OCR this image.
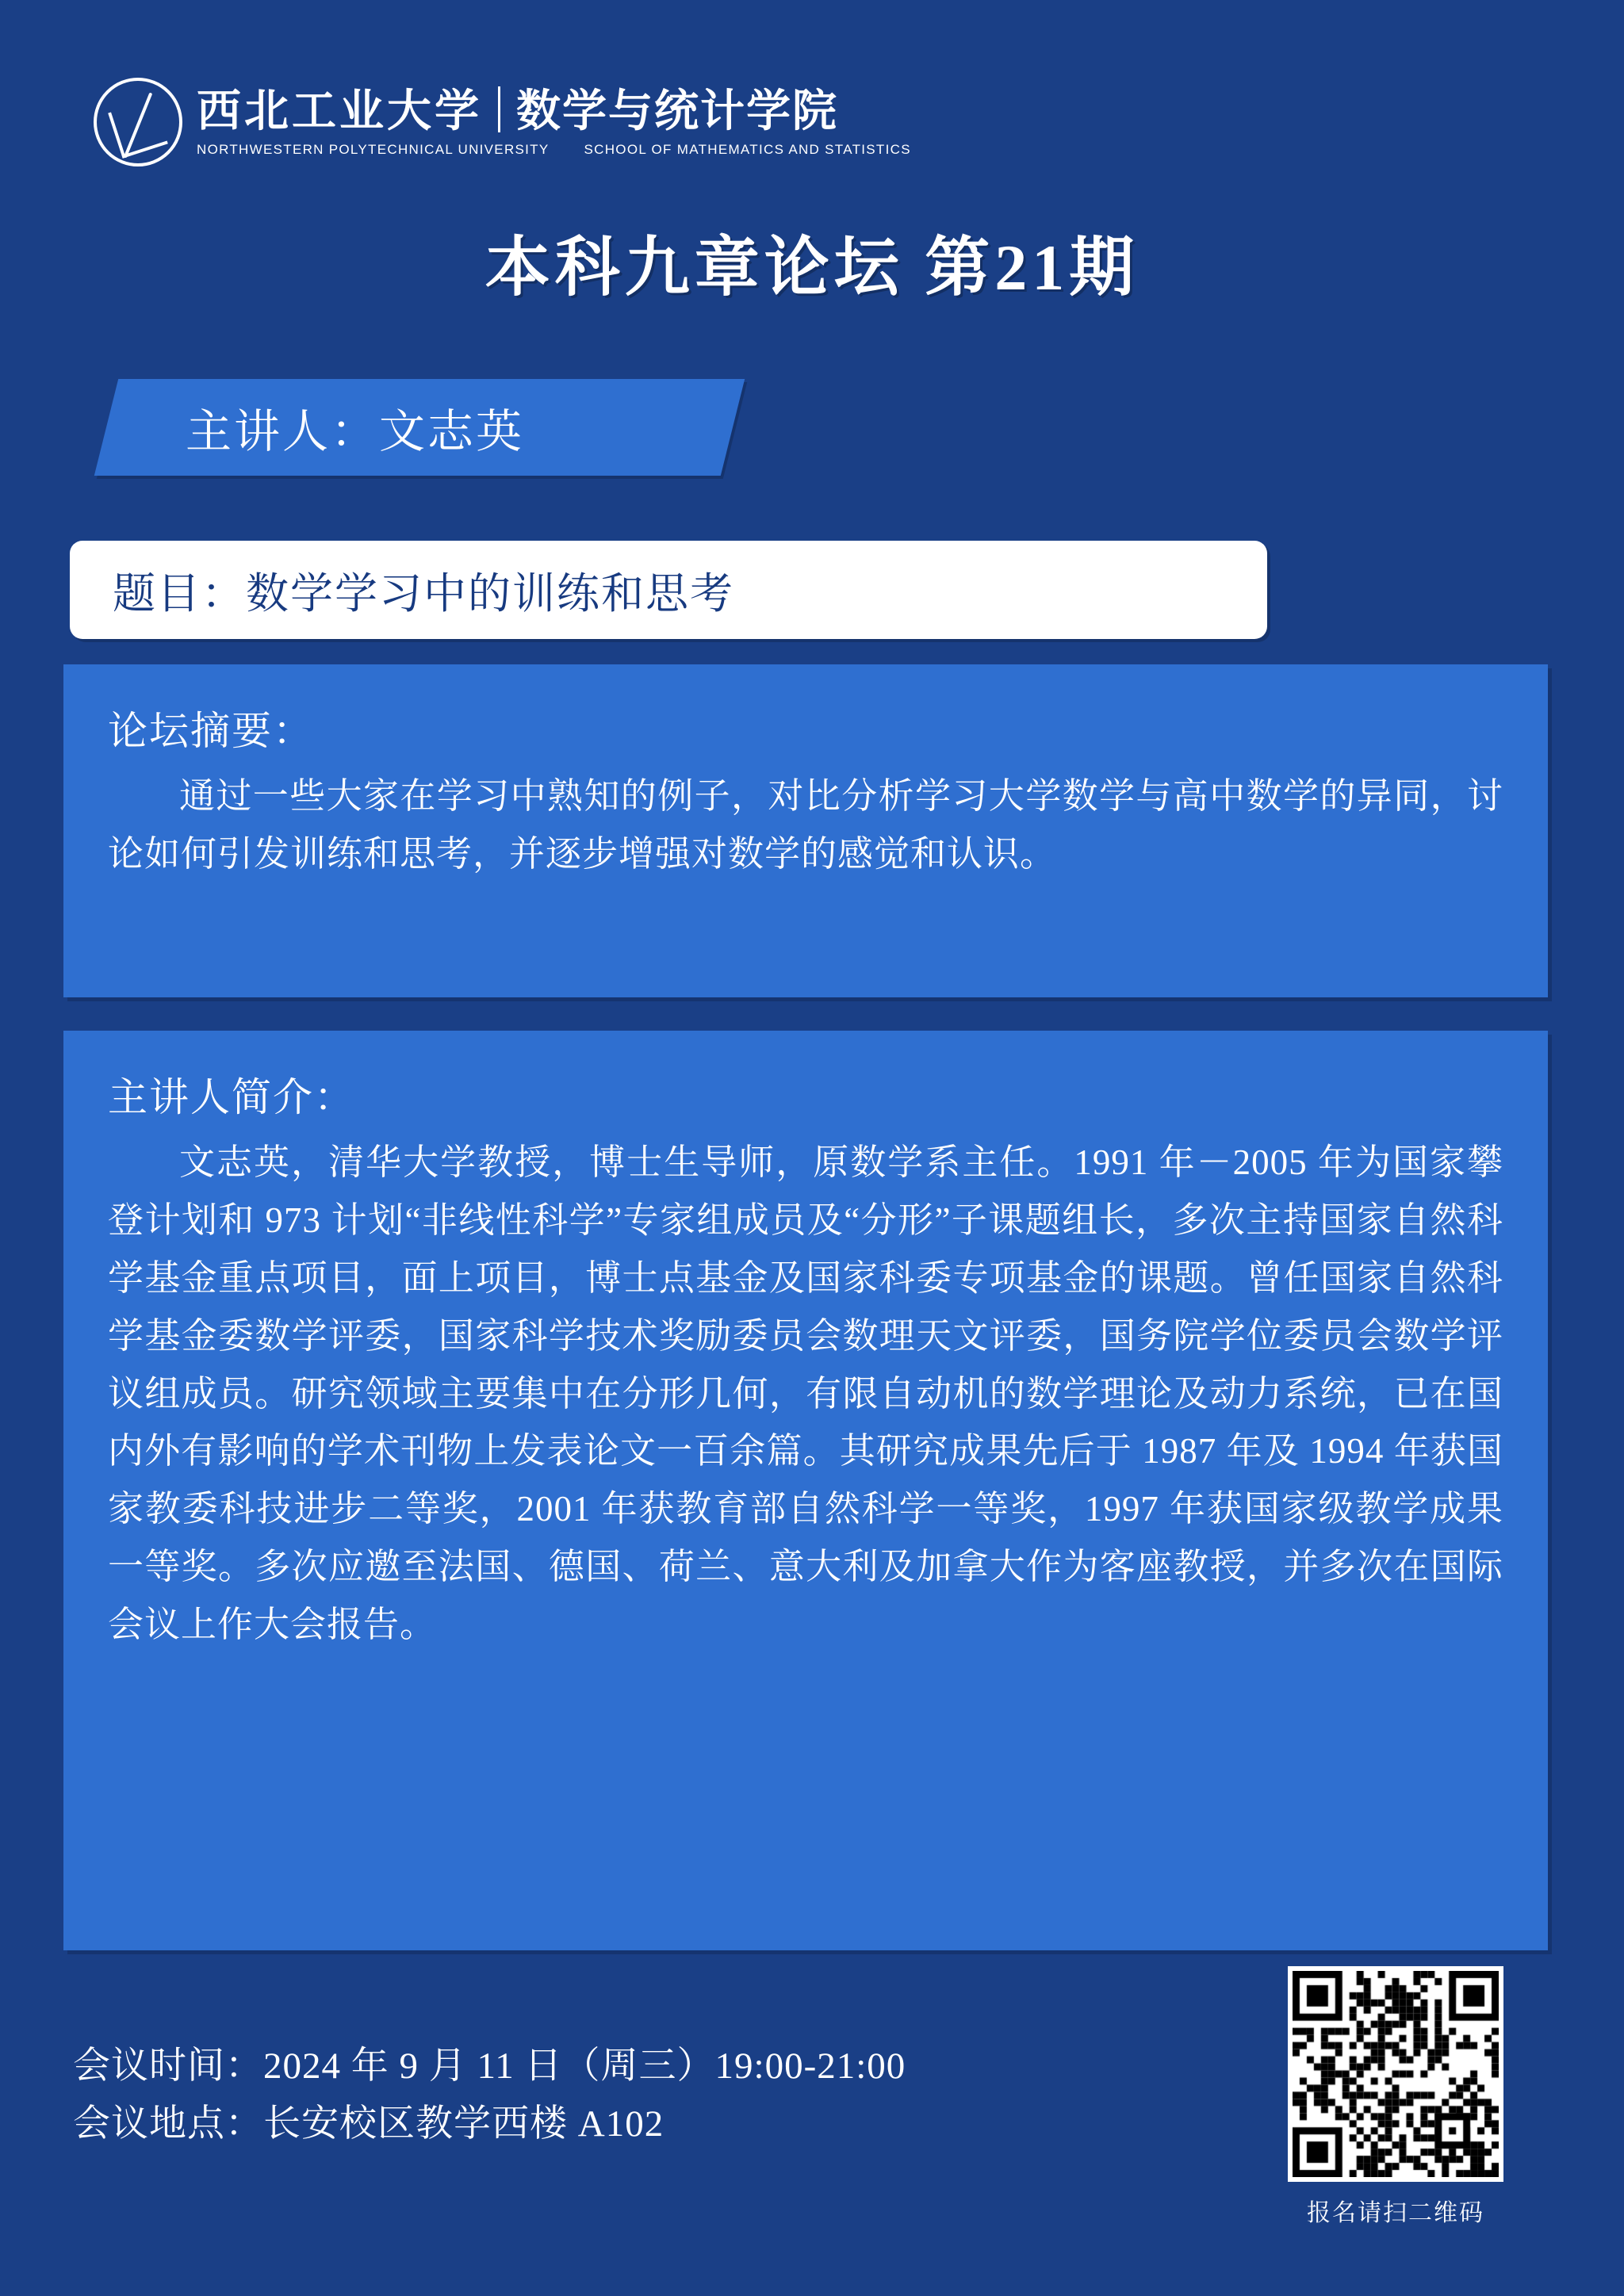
西北工业大学 数学与统计学院
NORTHWESTERN POLYTECHNICAL UNIVERSITY	SCHOOL OF MATHEMATICS AND STATISTICS
本科九章论坛 第21期
主讲人：文志英
题目：数学学习中的训练和思考
论坛摘要：
通过一些大家在学习中熟知的例子，对比分析学习大学数学与高中数学的异同，讨论如何引发训练和思考，并逐步增强对数学的感觉和认识。
主讲人简介：
文志英，清华大学教授，博士生导师，原数学系主任。1991 年－2005 年为国家攀登计划和 973 计划“非线性科学”专家组成员及“分形”子课题组长，多次主持国家自然科学基金重点项目，面上项目，博士点基金及国家科委专项基金的课题。曾任国家自然科学基金委数学评委，国家科学技术奖励委员会数理天文评委，国务院学位委员会数学评议组成员。研究领域主要集中在分形几何，有限自动机的数学理论及动力系统，已在国内外有影响的学术刊物上发表论文一百余篇。其研究成果先后于 1987 年及 1994 年获国家教委科技进步二等奖，2001 年获教育部自然科学一等奖，1997 年获国家级教学成果一等奖。多次应邀至法国、德国、荷兰、意大利及加拿大作为客座教授，并多次在国际会议上作大会报告。
会议时间：2024 年 9 月 11 日（周三）19:00-21:00
会议地点：长安校区教学西楼 A102
报名请扫二维码
